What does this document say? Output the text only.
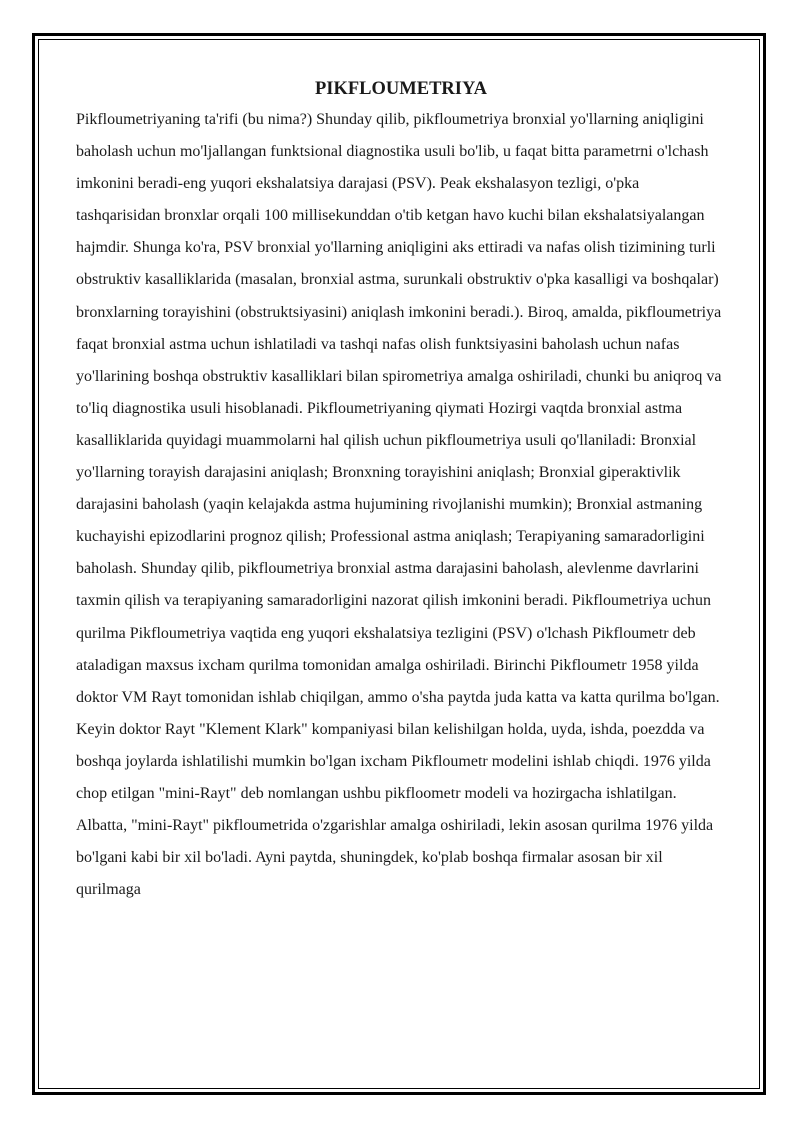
PIKFLOUMETRIYA

Pikfloumetriyaning ta'rifi (bu nima?) Shunday qilib, pikfloumetriya bronxial yo'llarning aniqligini baholash uchun mo'ljallangan funktsional diagnostika usuli bo'lib, u faqat bitta parametrni o'lchash imkonini beradi-eng yuqori ekshalatsiya darajasi (PSV). Peak ekshalasyon tezligi, o'pka tashqarisidan bronxlar orqali 100 millisekunddan o'tib ketgan havo kuchi bilan ekshalatsiyalangan hajmdir. Shunga ko'ra, PSV bronxial yo'llarning aniqligini aks ettiradi va nafas olish tizimining turli obstruktiv kasalliklarida (masalan, bronxial astma, surunkali obstruktiv o'pka kasalligi va boshqalar) bronxlarning torayishini (obstruktsiyasini) aniqlash imkonini beradi.). Biroq, amalda, pikfloumetriya faqat bronxial astma uchun ishlatiladi va tashqi nafas olish funktsiyasini baholash uchun nafas yo'llarining boshqa obstruktiv kasalliklari bilan spirometriya amalga oshiriladi, chunki bu aniqroq va to'liq diagnostika usuli hisoblanadi. Pikfloumetriyaning qiymati Hozirgi vaqtda bronxial astma kasalliklarida quyidagi muammolarni hal qilish uchun pikfloumetriya usuli qo'llaniladi: Bronxial yo'llarning torayish darajasini aniqlash; Bronxning torayishini aniqlash; Bronxial giperaktivlik darajasini baholash (yaqin kelajakda astma hujumining rivojlanishi mumkin); Bronxial astmaning kuchayishi epizodlarini prognoz qilish; Professional astma aniqlash; Terapiyaning samaradorligini baholash. Shunday qilib, pikfloumetriya bronxial astma darajasini baholash, alevlenme davrlarini taxmin qilish va terapiyaning samaradorligini nazorat qilish imkonini beradi. Pikfloumetriya uchun qurilma Pikfloumetriya vaqtida eng yuqori ekshalatsiya tezligini (PSV) o'lchash Pikfloumetr deb ataladigan maxsus ixcham qurilma tomonidan amalga oshiriladi. Birinchi Pikfloumetr 1958 yilda doktor VM Rayt tomonidan ishlab chiqilgan, ammo o'sha paytda juda katta va katta qurilma bo'lgan. Keyin doktor Rayt "Klement Klark" kompaniyasi bilan kelishilgan holda, uyda, ishda, poezdda va boshqa joylarda ishlatilishi mumkin bo'lgan ixcham Pikfloumetr modelini ishlab chiqdi. 1976 yilda chop etilgan "mini-Rayt" deb nomlangan ushbu pikfloometr modeli va hozirgacha ishlatilgan. Albatta, "mini-Rayt" pikfloumetrida o'zgarishlar amalga oshiriladi, lekin asosan qurilma 1976 yilda bo'lgani kabi bir xil bo'ladi. Ayni paytda, shuningdek, ko'plab boshqa firmalar asosan bir xil qurilmaga
